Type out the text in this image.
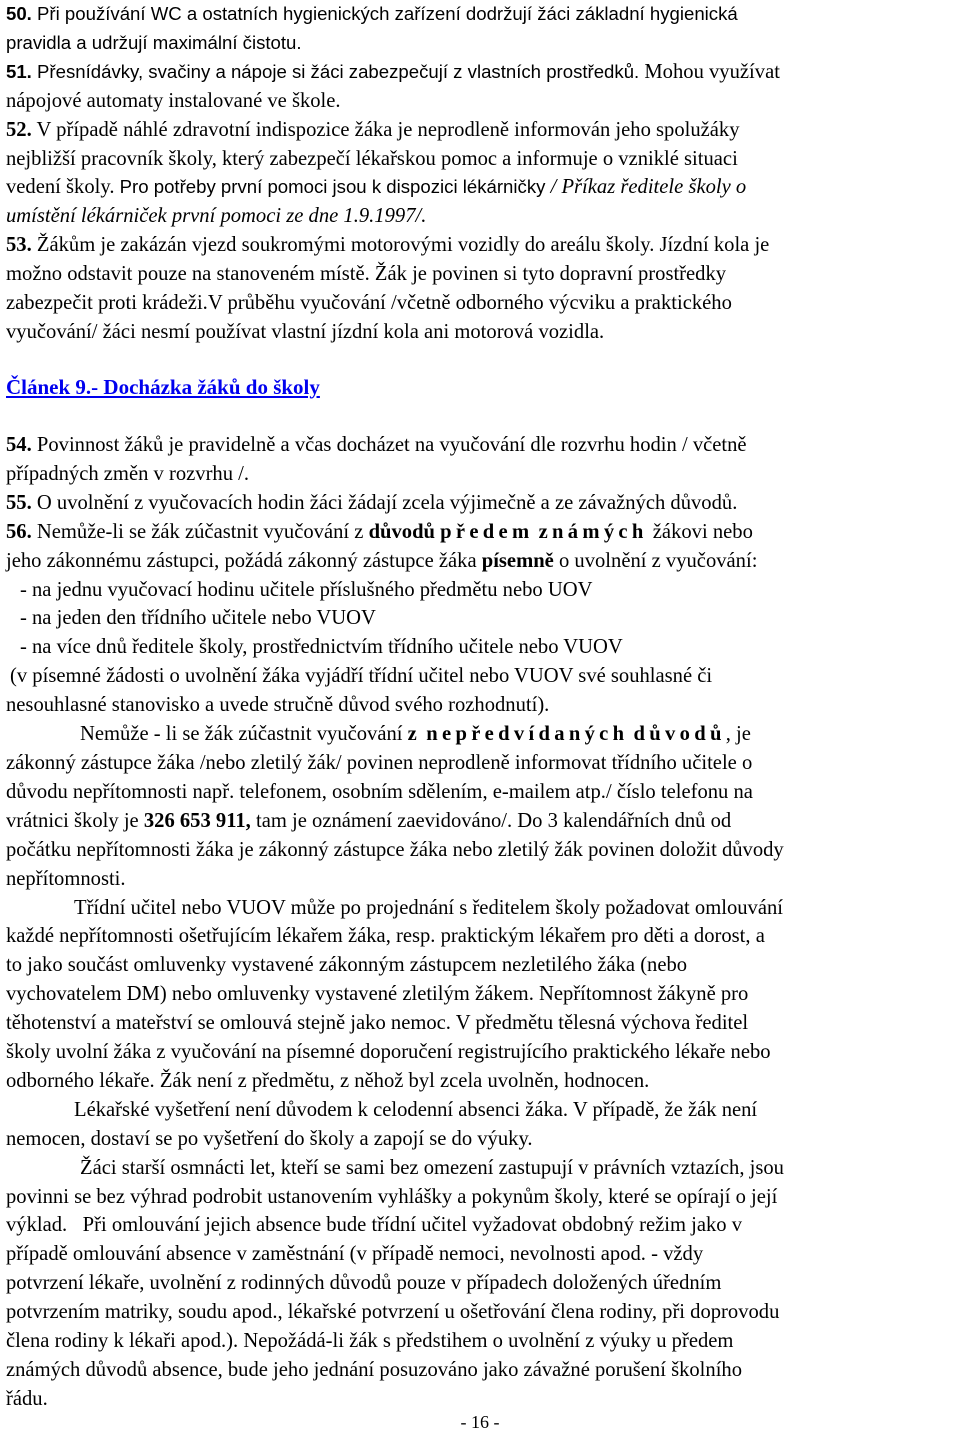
50. Při používání WC a ostatních hygienických zařízení dodržují žáci základní hygienická

pravidla a udržují maximální čistotu.

51. Přesnídávky, svačiny a nápoje si žáci zabezpečují z vlastních prostředků. Mohou využívat

nápojové automaty instalované ve škole.

52. V případě náhlé zdravotní indispozice žáka je neprodleně informován jeho spolužáky

nejbližší pracovník školy, který zabezpečí lékařskou pomoc a informuje o vzniklé situaci

vedení školy. Pro potřeby první pomoci jsou k dispozici lékárničky / Příkaz ředitele školy o

umístění lékárniček první pomoci ze dne 1.9.1997/.

53. Žákům je zakázán vjezd soukromými motorovými vozidly do areálu školy. Jízdní kola je

možno odstavit pouze na stanoveném místě. Žák je povinen si tyto dopravní prostředky

zabezpečit proti krádeži.V průběhu vyučování /včetně odborného výcviku a praktického

vyučování/ žáci nesmí používat vlastní jízdní kola ani motorová vozidla.

Článek 9.- Docházka žáků do školy

54. Povinnost žáků je pravidelně a včas docházet na vyučování dle rozvrhu hodin / včetně

případných změn v rozvrhu /.

55. O uvolnění z vyučovacích hodin žáci žádají zcela výjimečně a ze závažných důvodů.

56. Nemůže-li se žák zúčastnit vyučování z důvodů předem známých žákovi nebo

jeho zákonnému zástupci, požádá zákonný zástupce žáka písemně o uvolnění z vyučování:

- na jednu vyučovací hodinu učitele příslušného předmětu nebo UOV

- na jeden den třídního učitele nebo VUOV

- na více dnů ředitele školy, prostřednictvím třídního učitele nebo VUOV

(v písemné žádosti o uvolnění žáka vyjádří třídní učitel nebo VUOV své souhlasné či

nesouhlasné stanovisko a uvede stručně důvod svého rozhodnutí).

Nemůže - li se žák zúčastnit vyučování z nepředvídaných důvodů, je

zákonný zástupce žáka /nebo zletilý žák/ povinen neprodleně informovat třídního učitele o

důvodu nepřítomnosti např. telefonem, osobním sdělením, e-mailem atp./ číslo telefonu na

vrátnici školy je 326 653 911, tam je oznámení zaevidováno/. Do 3 kalendářních dnů od

počátku nepřítomnosti žáka je zákonný zástupce žáka nebo zletilý žák povinen doložit důvody

nepřítomnosti.

Třídní učitel nebo VUOV může po projednání s ředitelem školy požadovat omlouvání

každé nepřítomnosti ošetřujícím lékařem žáka, resp. praktickým lékařem pro děti a dorost, a

to jako součást omluvenky vystavené zákonným zástupcem nezletilého žáka (nebo

vychovatelem DM) nebo omluvenky vystavené zletilým žákem. Nepřítomnost žákyně pro

těhotenství a mateřství se omlouvá stejně jako nemoc. V předmětu tělesná výchova ředitel

školy uvolní žáka z vyučování na písemné doporučení registrujícího praktického lékaře nebo

odborného lékaře. Žák není z předmětu, z něhož byl zcela uvolněn, hodnocen.

Lékařské vyšetření není důvodem k celodenní absenci žáka. V případě, že žák není

nemocen, dostaví se po vyšetření do školy a zapojí se do výuky.

Žáci starší osmnácti let, kteří se sami bez omezení zastupují v právních vztazích, jsou

povinni se bez výhrad podrobit ustanovením vyhlášky a pokynům školy, které se opírají o její

výklad.   Při omlouvání jejich absence bude třídní učitel vyžadovat obdobný režim jako v

případě omlouvání absence v zaměstnání (v případě nemoci, nevolnosti apod. - vždy

potvrzení lékaře, uvolnění z rodinných důvodů pouze v případech doložených úředním

potvrzením matriky, soudu apod., lékařské potvrzení u ošetřování člena rodiny, při doprovodu

člena rodiny k lékaři apod.). Nepožádá-li žák s předstihem o uvolnění z výuky u předem

známých důvodů absence, bude jeho jednání posuzováno jako závažné porušení školního

řádu.

- 16 -
